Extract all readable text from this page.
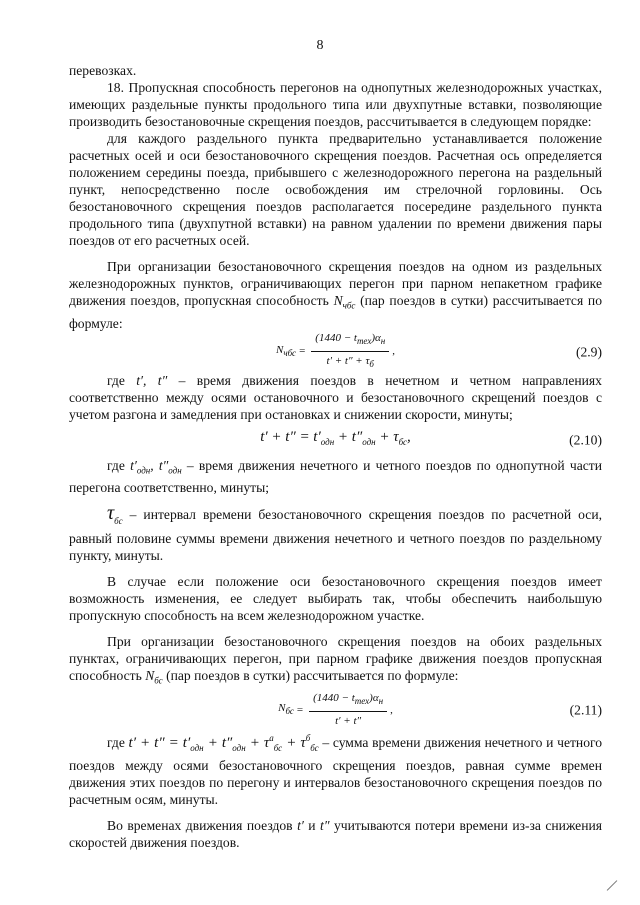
8

перевозках.

18. Пропускная способность перегонов на однопутных железнодорожных участках, имеющих раздельные пункты продольного типа или двухпутные вставки, позволяющие производить безостановочные скрещения поездов, рассчитывается в следующем порядке:

для каждого раздельного пункта предварительно устанавливается положение расчетных осей и оси безостановочного скрещения поездов. Расчетная ось определяется положением середины поезда, прибывшего с железнодорожного перегона на раздельный пункт, непосредственно после освобождения им стрелочной горловины. Ось безостановочного скрещения поездов располагается посередине раздельного пункта продольного типа (двухпутной вставки) на равном удалении по времени движения пары поездов от его расчетных осей.

При организации безостановочного скрещения поездов на одном из раздельных железнодорожных пунктов, ограничивающих перегон при парном непакетном графике движения поездов, пропускная способность $N_{чбс}$ (пар поездов в сутки) рассчитывается по формуле:

$N_{чбс} = \frac{(1440 - t_{тех})\alpha_н}{t' + t'' + \tau_б}$ ,	(2.9)

где t′, t″ – время движения поездов в нечетном и четном направлениях соответственно между осями остановочного и безостановочного скрещений поездов с учетом разгона и замедления при остановках и снижении скорости, минуты;

$t' + t'' = t'_{одн} + t''_{одн} + \tau_{бс}$,	(2.10)

где $t'_{одн}$, $t''_{одн}$ – время движения нечетного и четного поездов по однопутной части перегона соответственно, минуты;

$\tau_{бс}$ – интервал времени безостановочного скрещения поездов по расчетной оси, равный половине суммы времени движения нечетного и четного поездов по раздельному пункту, минуты.

В случае если положение оси безостановочного скрещения поездов имеет возможность изменения, ее следует выбирать так, чтобы обеспечить наибольшую пропускную способность на всем железнодорожном участке.

При организации безостановочного скрещения поездов на обоих раздельных пунктах, ограничивающих перегон, при парном графике движения поездов пропускная способность $N_{бс}$ (пар поездов в сутки) рассчитывается по формуле:

$N_{бс} = \frac{(1440 - t_{тех})\alpha_н}{t' + t''}$ ,	(2.11)

где $t' + t'' = t'_{одн} + t''_{одн} + \tau^а_{бс} + \tau^б_{бс}$ – сумма времени движения нечетного и четного поездов между осями безостановочного скрещения поездов, равная сумме времен движения этих поездов по перегону и интервалов безостановочного скрещения поездов по расчетным осям, минуты.

Во временах движения поездов t′ и t″ учитываются потери времени из-за снижения скоростей движения поездов.
